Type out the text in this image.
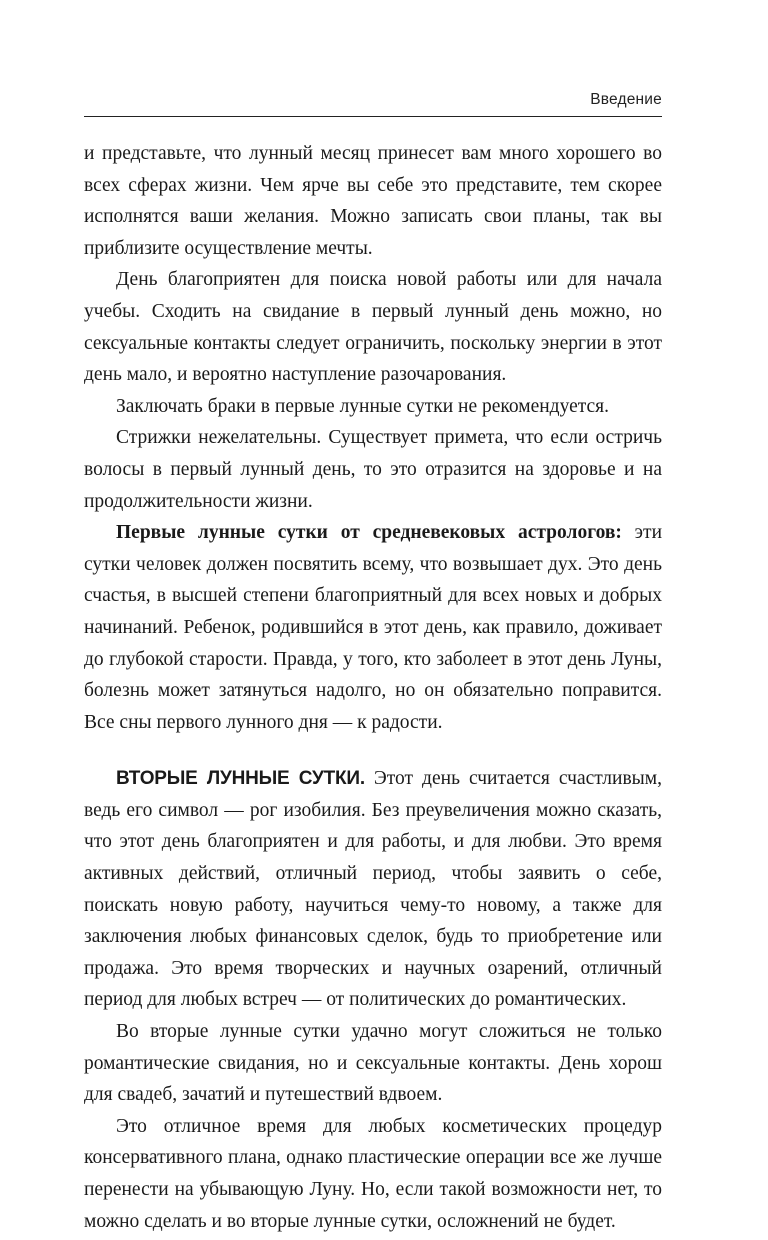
Введение

и представьте, что лунный месяц принесет вам много хорошего во всех сферах жизни. Чем ярче вы себе это представите, тем скорее исполнятся ваши желания. Можно записать свои планы, так вы приблизите осуществление мечты.

День благоприятен для поиска новой работы или для начала учебы. Сходить на свидание в первый лунный день можно, но сексуальные контакты следует ограничить, поскольку энергии в этот день мало, и вероятно наступление разочарования.

Заключать браки в первые лунные сутки не рекомендуется.

Стрижки нежелательны. Существует примета, что если остричь волосы в первый лунный день, то это отразится на здоровье и на продолжительности жизни.

Первые лунные сутки от средневековых астрологов: эти сутки человек должен посвятить всему, что возвышает дух. Это день счастья, в высшей степени благоприятный для всех новых и добрых начинаний. Ребенок, родившийся в этот день, как правило, доживает до глубокой старости. Правда, у того, кто заболеет в этот день Луны, болезнь может затянуться надолго, но он обязательно поправится. Все сны первого лунного дня — к радости.

ВТОРЫЕ ЛУННЫЕ СУТКИ. Этот день считается счастливым, ведь его символ — рог изобилия. Без преувеличения можно сказать, что этот день благоприятен и для работы, и для любви. Это время активных действий, отличный период, чтобы заявить о себе, поискать новую работу, научиться чему-то новому, а также для заключения любых финансовых сделок, будь то приобретение или продажа. Это время творческих и научных озарений, отличный период для любых встреч — от политических до романтических.

Во вторые лунные сутки удачно могут сложиться не только романтические свидания, но и сексуальные контакты. День хорош для свадеб, зачатий и путешествий вдвоем.

Это отличное время для любых косметических процедур консервативного плана, однако пластические операции все же лучше перенести на убывающую Луну. Но, если такой возможности нет, то можно сделать и во вторые лунные сутки, осложнений не будет.
